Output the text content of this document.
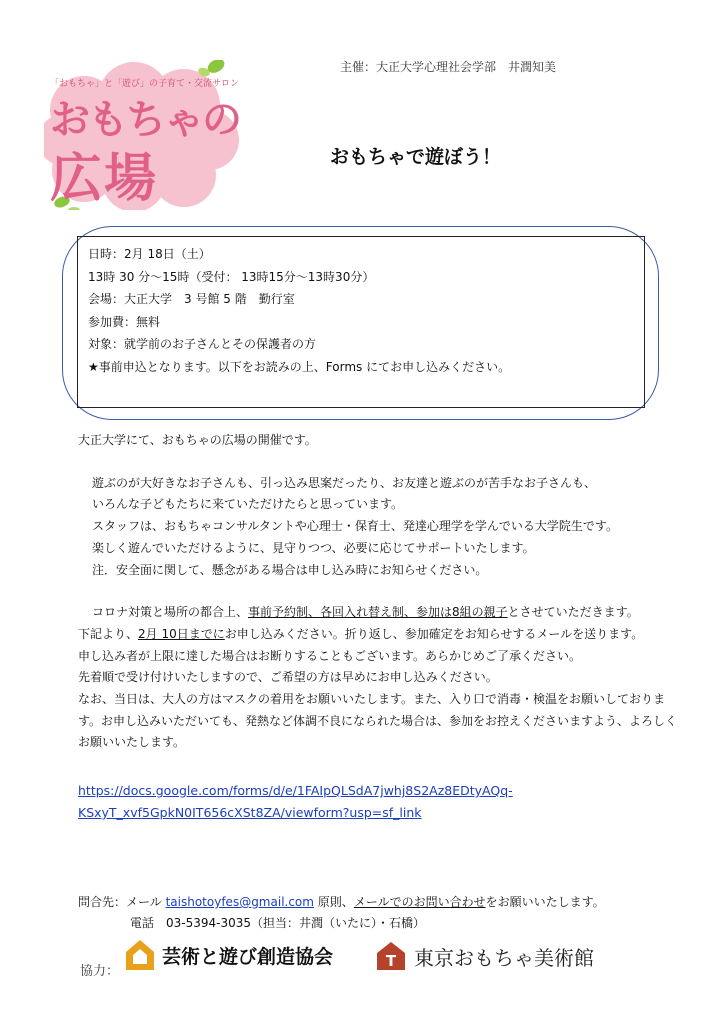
「おもちゃ」と「遊び」の子育て・交流サロン
おもちゃの
広場
主催：大正大学心理社会学部　井潤知美
おもちゃで遊ぼう！
日時：2月 18日（土）
13時 30 分～15時（受付： 13時15分～13時30分）
会場：大正大学　3 号館 5 階　勤行室
参加費：無料
対象：就学前のお子さんとその保護者の方
★事前申込となります。以下をお読みの上、Forms にてお申し込みください。

大正大学にて、おもちゃの広場の開催です。

遊ぶのが大好きなお子さんも、引っ込み思案だったり、お友達と遊ぶのが苦手なお子さんも、

いろんな子どもたちに来ていただけたらと思っています。

スタッフは、おもちゃコンサルタントや心理士・保育士、発達心理学を学んでいる大学院生です。

楽しく遊んでいただけるように、見守りつつ、必要に応じてサポートいたします。

注．安全面に関して、懸念がある場合は申し込み時にお知らせください。

コロナ対策と場所の都合上、事前予約制、各回入れ替え制、参加は8組の親子とさせていただきます。

下記より、2月 10日までにお申し込みください。折り返し、参加確定をお知らせするメールを送ります。

申し込み者が上限に達した場合はお断りすることもございます。あらかじめご了承ください。

先着順で受け付けいたしますので、ご希望の方は早めにお申し込みください。

なお、当日は、大人の方はマスクの着用をお願いいたします。また、入り口で消毒・検温をお願いしておりま

す。お申し込みいただいても、発熱など体調不良になられた場合は、参加をお控えくださいますよう、よろしく

お願いいたします。

https://docs.google.com/forms/d/e/1FAIpQLSdA7jwhj8S2Az8EDtyAQq-
KSxyT_xvf5GpkN0IT656cXSt8ZA/viewform?usp=sf_link
問合先：メール taishotoyfes@gmail.com 原則、メールでのお問い合わせをお願いいたします。
電話　03-5394-3035（担当：井潤（いたに）・石橋）
協力：
芸術と遊び創造協会	T 東京おもちゃ美術館
